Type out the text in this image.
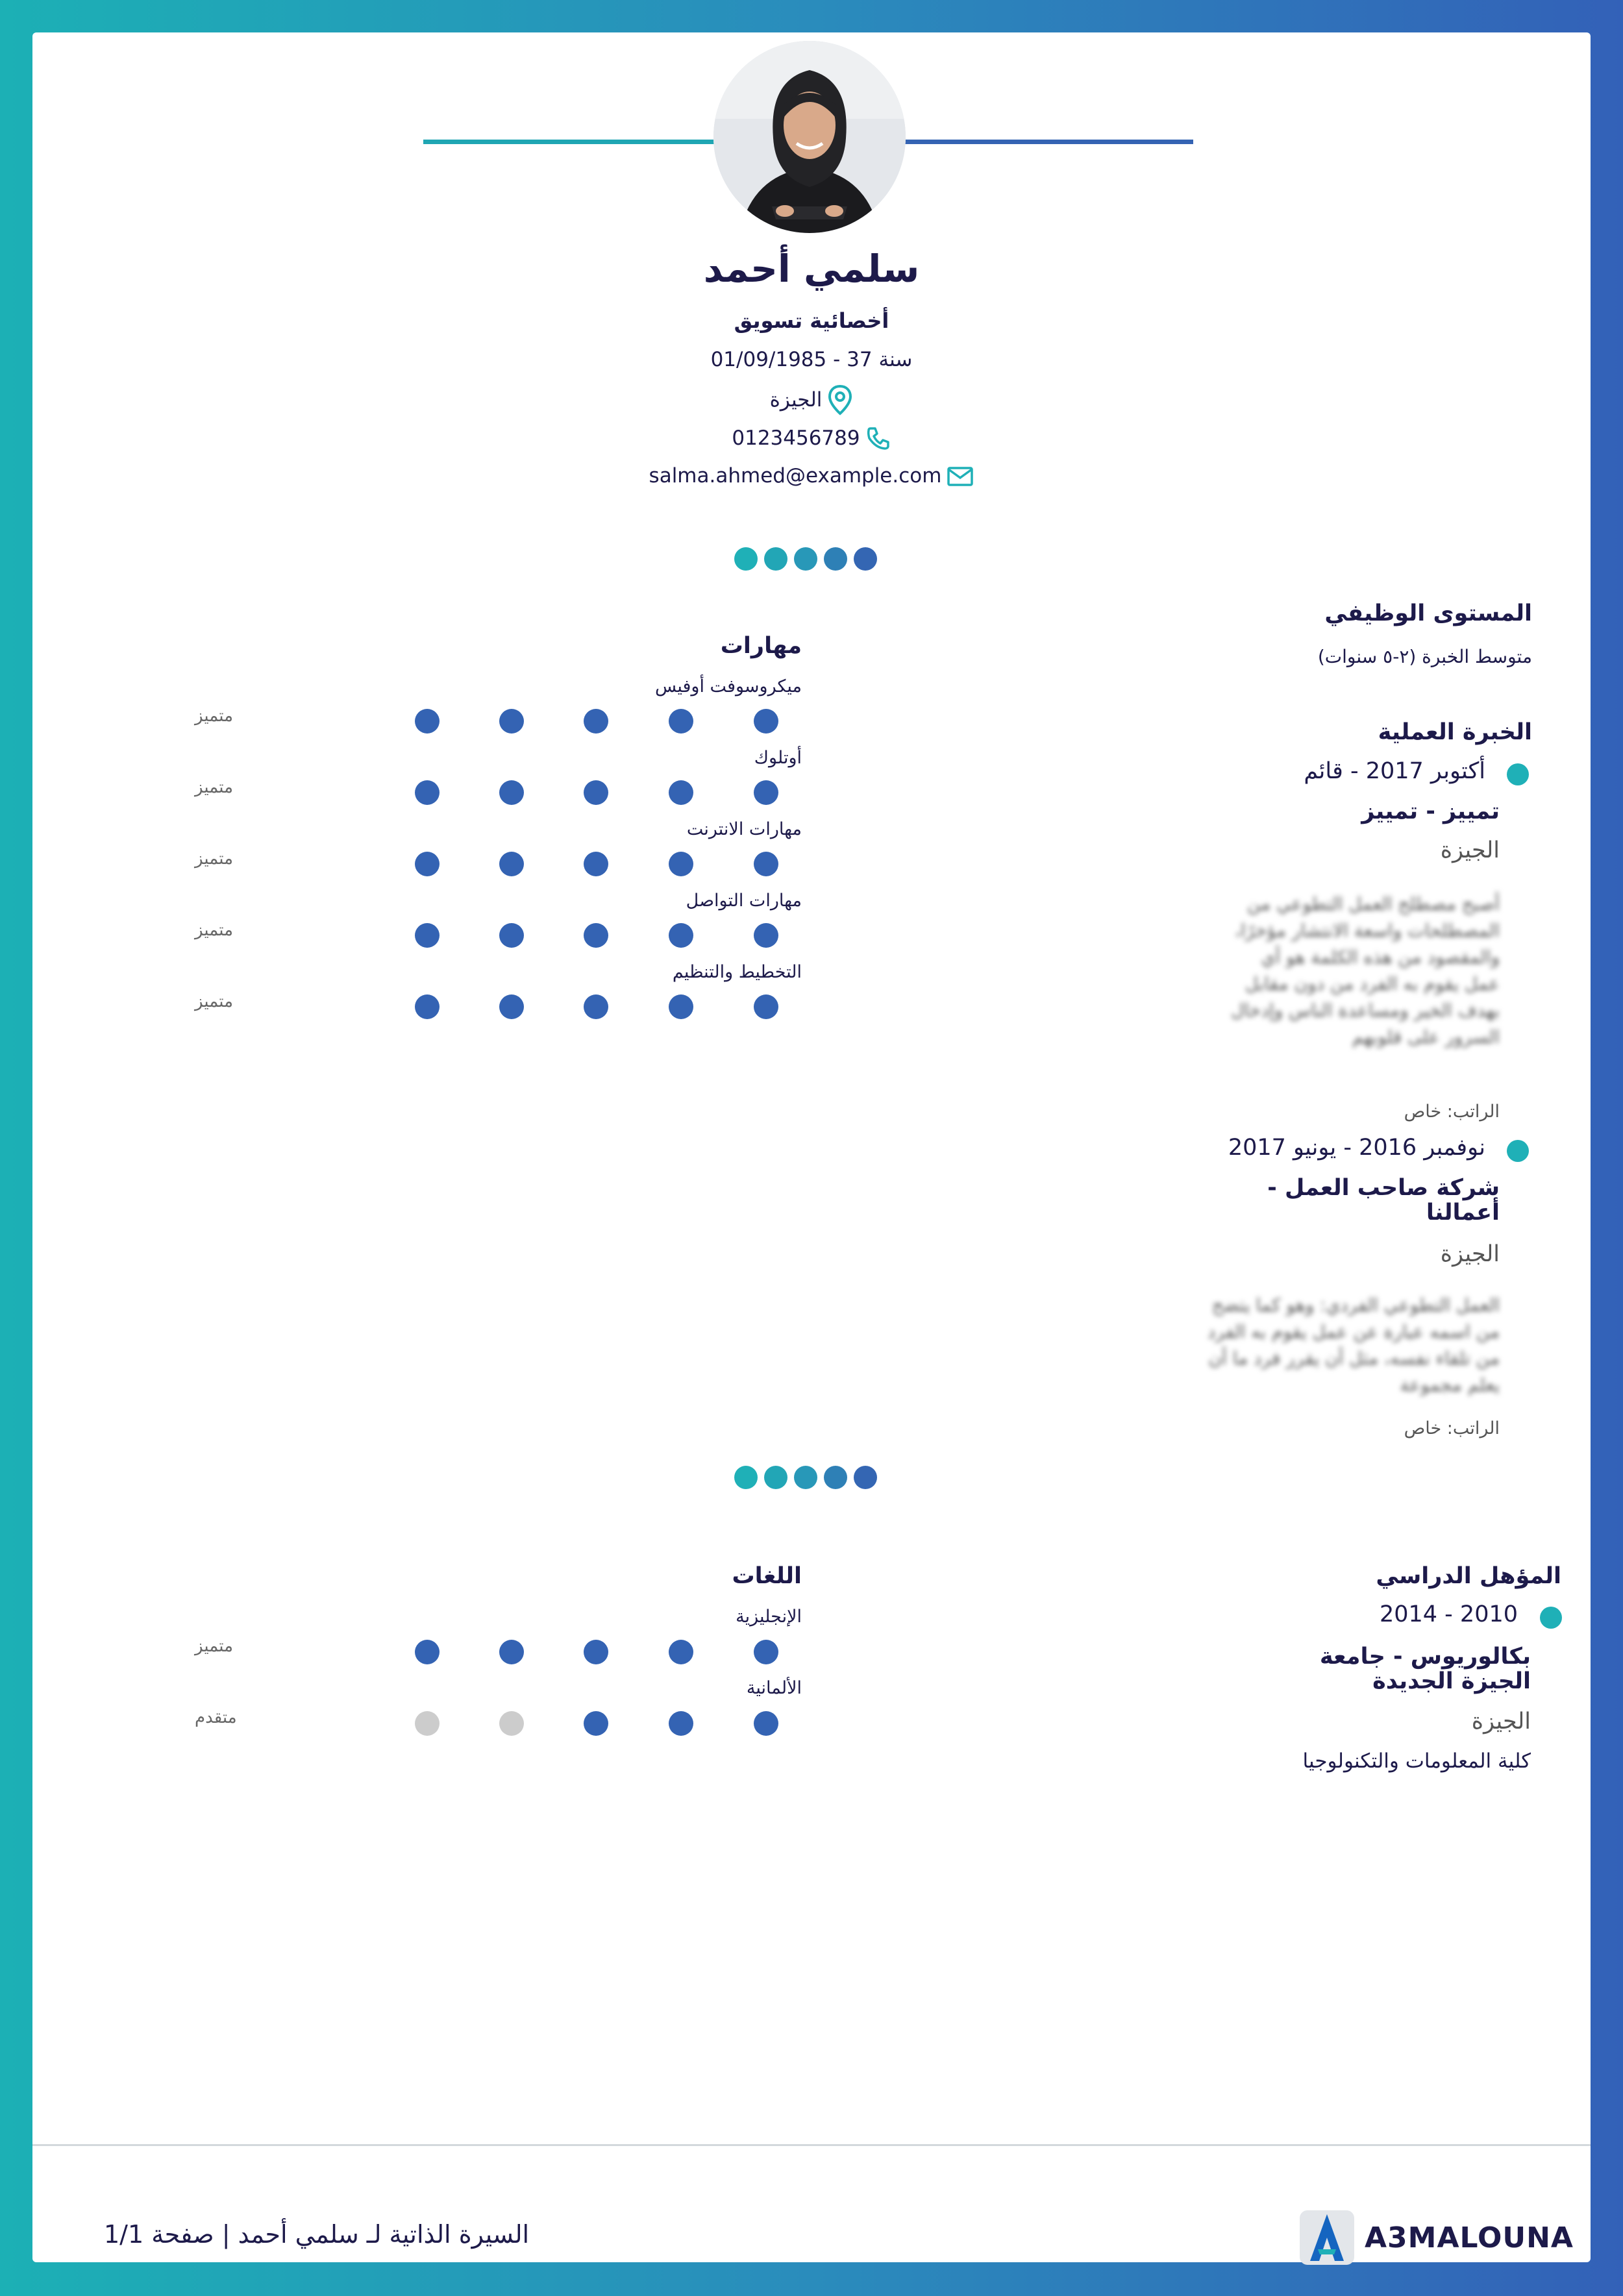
سلمي أحمد
أخصائية تسويق
01/09/1985 - 37 سنة
الجيزة
0123456789
salma.ahmed@example.com
المستوى الوظيفي
متوسط الخبرة (٢-٥ سنوات)
الخبرة العملية
أكتوبر 2017 - قائم
تمييز - تمييز
الجيزة
أصبح مصطلح العمل التطوعي من المصطلحات واسعة الانتشار مؤخرًا، والمقصود من هذه الكلمة هو أي عمل يقوم به الفرد من دون مقابل بهدف الخير ومساعدة الناس وإدخال السرور على قلوبهم
الراتب: خاص
نوفمبر 2016 - يونيو 2017
شركة صاحب العمل -
أعمالنا
الجيزة
العمل التطوعي الفردي: وهو كما يتضح من اسمه عبارة عن عمل يقوم به الفرد من تلقاء نفسه، مثل أن يقرر فرد ما أن يعلم مجموعة
الراتب: خاص
مهارات
ميكروسوفت أوفيس
متميز
أوتلوك
متميز
مهارات الانترنت
متميز
مهارات التواصل
متميز
التخطيط والتنظيم
متميز
المؤهل الدراسي
2010 - 2014
بكالوريوس - جامعة
الجيزة الجديدة
الجيزة
كلية المعلومات والتكنولوجيا
اللغات
الإنجليزية
متميز
الألمانية
متقدم
السيرة الذاتية لـ سلمي أحمد | صفحة 1/1	A3MALOUNA
